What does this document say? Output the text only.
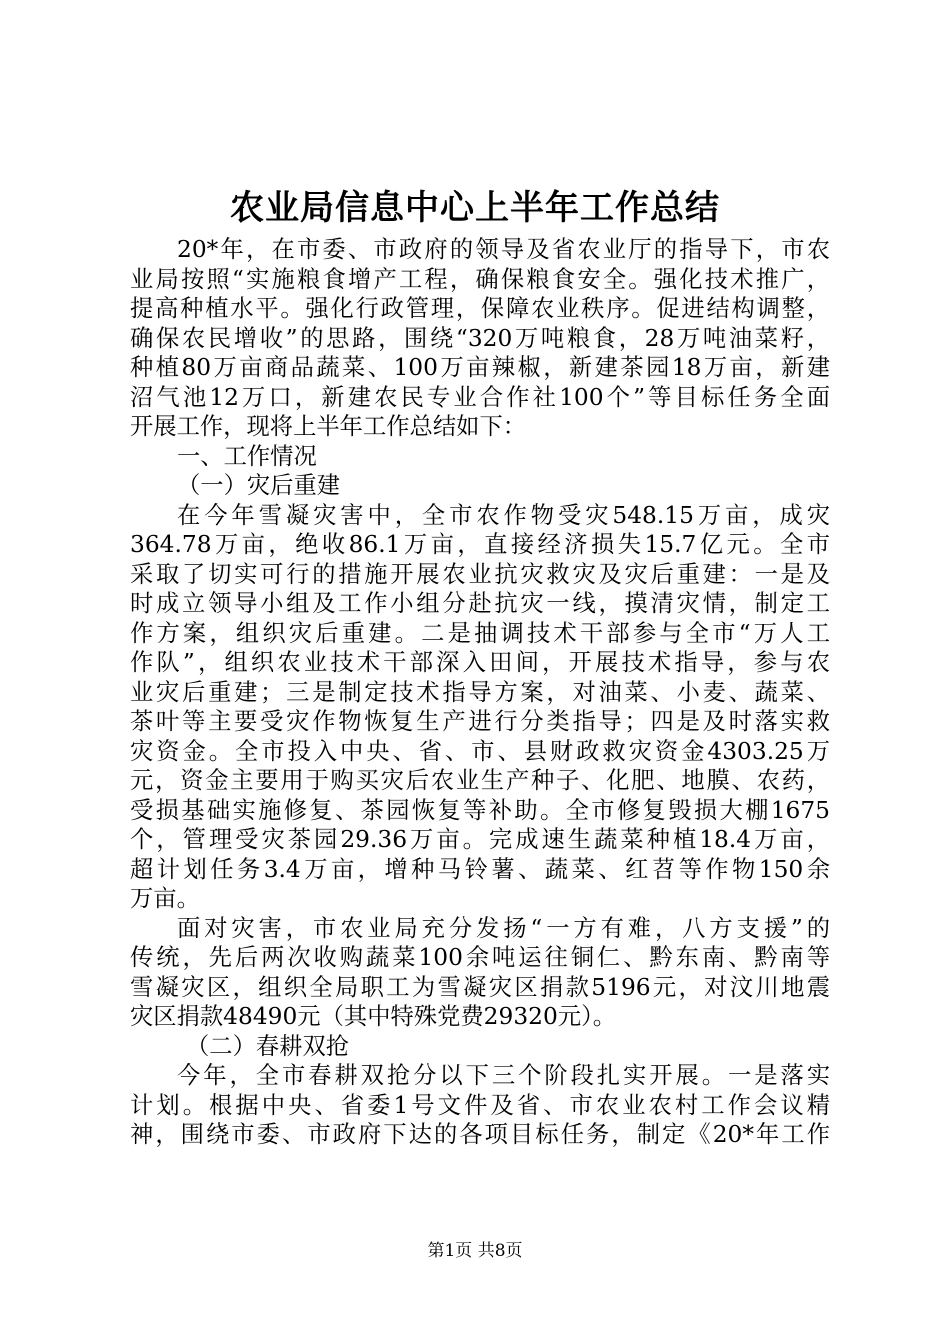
农业局信息中心上半年工作总结
20*年，在市委、市政府的领导及省农业厅的指导下，市农
业局按照“实施粮食增产工程，确保粮食安全。强化技术推广，
提高种植水平。强化行政管理，保障农业秩序。促进结构调整，
确保农民增收”的思路，围绕“320万吨粮食，28万吨油菜籽，
种植80万亩商品蔬菜、100万亩辣椒，新建茶园18万亩，新建
沼气池12万口，新建农民专业合作社100个”等目标任务全面
开展工作，现将上半年工作总结如下：
一、工作情况
（一）灾后重建
在今年雪凝灾害中，全市农作物受灾548.15万亩，成灾
364.78万亩，绝收86.1万亩，直接经济损失15.7亿元。全市
采取了切实可行的措施开展农业抗灾救灾及灾后重建：一是及
时成立领导小组及工作小组分赴抗灾一线，摸清灾情，制定工
作方案，组织灾后重建。二是抽调技术干部参与全市“万人工
作队”，组织农业技术干部深入田间，开展技术指导，参与农
业灾后重建；三是制定技术指导方案，对油菜、小麦、蔬菜、
茶叶等主要受灾作物恢复生产进行分类指导；四是及时落实救
灾资金。全市投入中央、省、市、县财政救灾资金4303.25万
元，资金主要用于购买灾后农业生产种子、化肥、地膜、农药，
受损基础实施修复、茶园恢复等补助。全市修复毁损大棚1675
个，管理受灾茶园29.36万亩。完成速生蔬菜种植18.4万亩，
超计划任务3.4万亩，增种马铃薯、蔬菜、红苕等作物150余
万亩。
面对灾害，市农业局充分发扬“一方有难，八方支援”的
传统，先后两次收购蔬菜100余吨运往铜仁、黔东南、黔南等
雪凝灾区，组织全局职工为雪凝灾区捐款5196元，对汶川地震
灾区捐款48490元（其中特殊党费29320元）。
（二）春耕双抢
今年，全市春耕双抢分以下三个阶段扎实开展。一是落实
计划。根据中央、省委1号文件及省、市农业农村工作会议精
神，围绕市委、市政府下达的各项目标任务，制定《20*年工作
第1页 共8页
